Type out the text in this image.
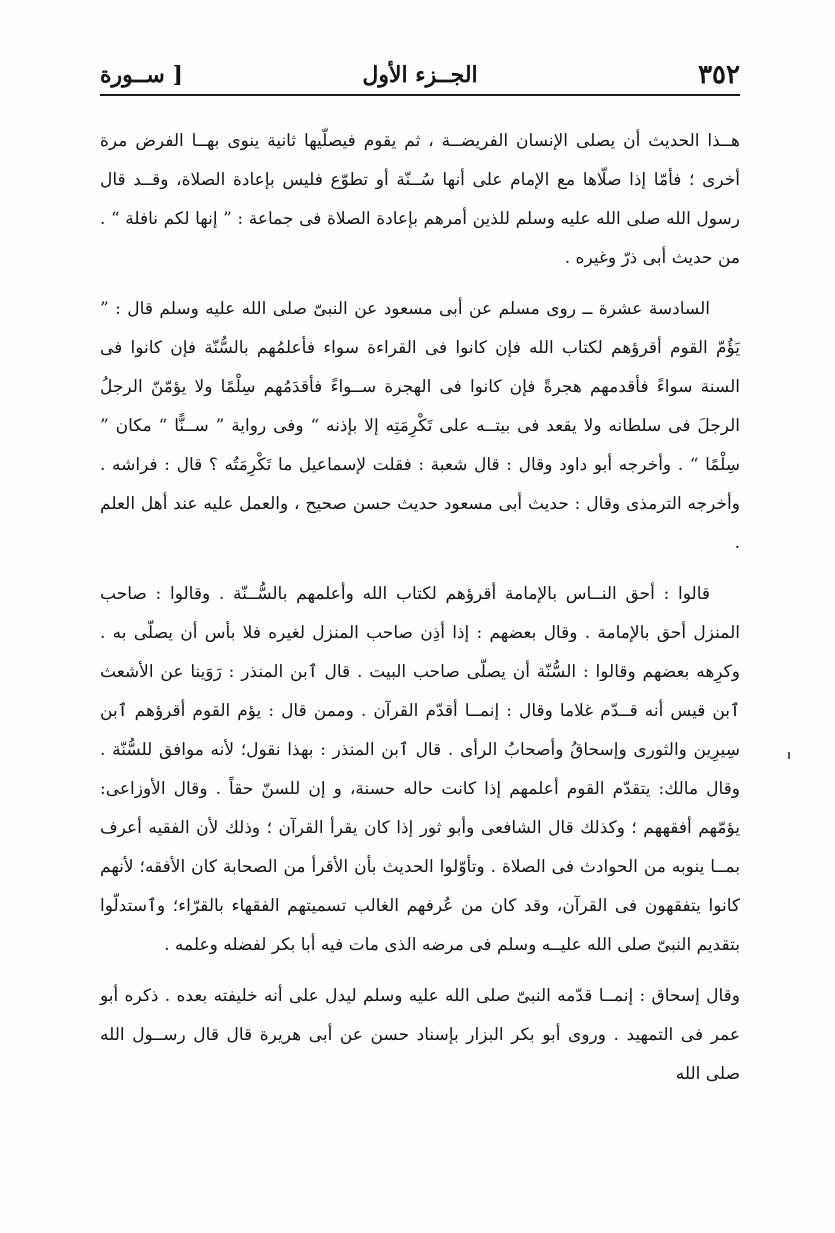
٣٥٢
الجــزء الأول
[ ســورة

هــذا الحديث أن يصلى الإنسان الفريضــة ، ثم يقوم فيصلّيها ثانية ينوى بهــا الفرض مرة أخرى ؛ فأمّا إذا صلّاها مع الإمام على أنها سُــنّة أو تطوّع فليس بإعادة الصلاة، وقــد قال رسول الله صلى الله عليه وسلم للذين أمرهم بإعادة الصلاة فى جماعة : ” إنها لكم نافلة “ . من حديث أبى ذرّ وغيره .

السادسة عشرة ــ روى مسلم عن أبى مسعود عن النبىّ صلى الله عليه وسلم قال : ” يَؤُمّ القوم أقرؤهم لكتاب الله فإن كانوا فى القراءة سواء فأعلمُهم بالسُّنّة فإن كانوا فى السنة سواءً فأقدمهم هجرةً فإن كانوا فى الهجرة ســواءً فأقدَمُهم سِلْمًا ولا يؤمّنّ الرجلُ الرجلَ فى سلطانه ولا يقعد فى بيتــه على تَكْرِمَتِه إلا بإذنه “ وفى رواية ” ســنًّا “ مكان ” سِلْمًا “ . وأخرجه أبو داود وقال : قال شعبة : فقلت لإسماعيل ما تَكْرِمَتُه ؟ قال : فراشه . وأخرجه الترمذى وقال : حديث أبى مسعود حديث حسن صحيح ، والعمل عليه عند أهل العلم .

قالوا : أحق النــاس بالإمامة أقرؤهم لكتاب الله وأعلمهم بالسُّــنّة . وقالوا : صاحب المنزل أحق بالإمامة . وقال بعضهم : إذا أذِن صاحب المنزل لغيره فلا بأس أن يصلّى به . وكرِهه بعضهم وقالوا : السُّنّة أن يصلّى صاحب البيت . قال ٱبن المنذر : رَوَينا عن الأشعث ٱبن قيس أنه قــدّم غلاما وقال : إنمــا أقدّم القرآن . وممن قال : يؤم القوم أقرؤهم ٱبن سِيرِين والثورى وإسحاقُ وأصحابُ الرأى . قال ٱبن المنذر : بهذا نقول؛ لأنه موافق للسُّنّة . وقال مالك: يتقدّم القوم أعلمهم إذا كانت حاله حسنة، و إن للسنّ حقاً . وقال الأوزاعى: يؤمّهم أفقههم ؛ وكذلك قال الشافعى وأبو ثور إذا كان يقرأ القرآن ؛ وذلك لأن الفقيه أعرف بمــا ينوبه من الحوادث فى الصلاة . وتأوّلوا الحديث بأن الأقرأ من الصحابة كان الأفقه؛ لأنهم كانوا يتفقهون فى القرآن، وقد كان من عُرفهم الغالب تسميتهم الفقهاء بالقرّاء؛ وٱستدلّوا بتقديم النبىّ صلى الله عليــه وسلم فى مرضه الذى مات فيه أبا بكر لفضله وعلمه .

وقال إسحاق : إنمــا قدّمه النبىّ صلى الله عليه وسلم ليدل على أنه خليفته بعده . ذكره أبو عمر فى التمهيد . وروى أبو بكر البزار بإسناد حسن عن أبى هريرة قال قال رســول الله صلى الله
